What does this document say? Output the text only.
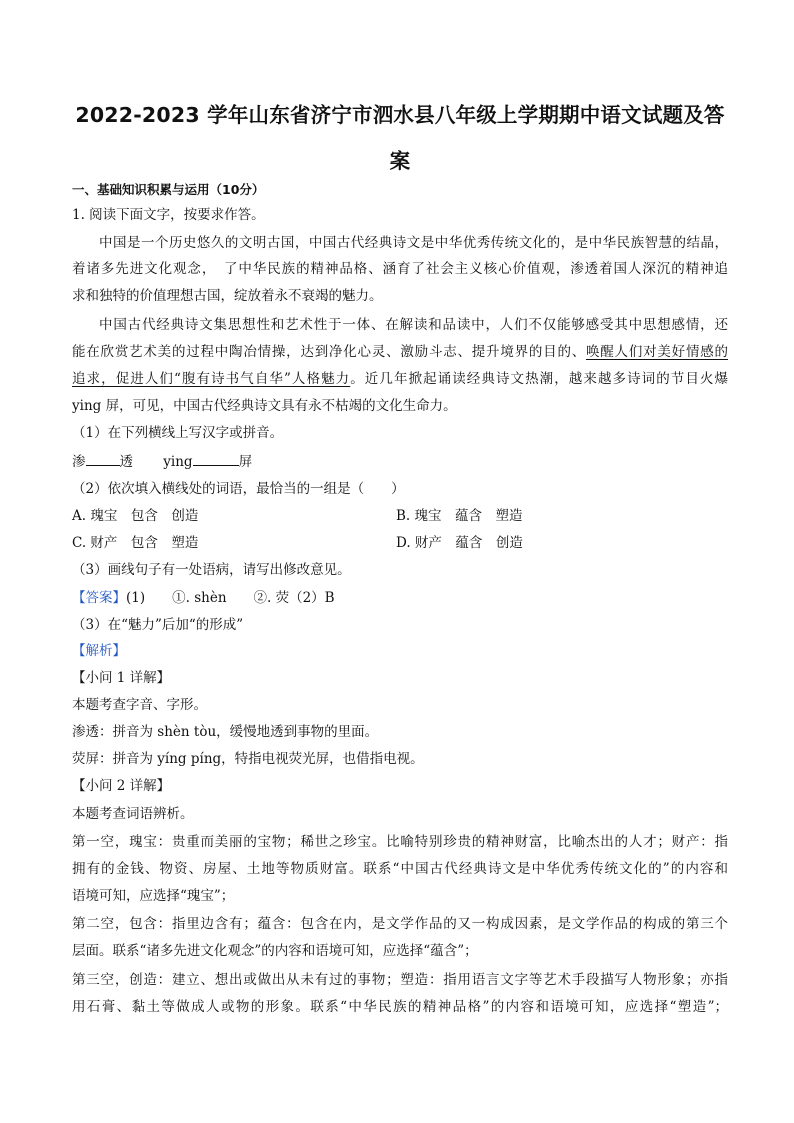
2022-2023 学年山东省济宁市泗水县八年级上学期期中语文试题及答
案
一、基础知识积累与运用（10分）
1. 阅读下面文字，按要求作答。
中国是一个历史悠久的文明古国，中国古代经典诗文是中华优秀传统文化的，是中华民族智慧的结晶，
着诸多先进文化观念，　了中华民族的精神品格、涵育了社会主义核心价值观，渗透着国人深沉的精神追
求和独特的价值理想古国，绽放着永不衰竭的魅力。
中国古代经典诗文集思想性和艺术性于一体、在解读和品读中，人们不仅能够感受其中思想感情，还
能在欣赏艺术美的过程中陶冶情操，达到净化心灵、激励斗志、提升境界的目的、唤醒人们对美好情感的
追求，促进人们“腹有诗书气自华”人格魅力。近几年掀起诵读经典诗文热潮，越来越多诗词的节目火爆
ying 屏，可见，中国古代经典诗文具有永不枯竭的文化生命力。
（1）在下列横线上写汉字或拼音。
渗	透 ying	屏
（2）依次填入横线处的词语，最恰当的一组是（　　）
A. 瑰宝　包含　创造	B. 瑰宝　蕴含　塑造
C. 财产　包含　塑造	D. 财产　蕴含　创造
（3）画线句子有一处语病，请写出修改意见。
【答案】(1)　　①. shèn　　②. 荧（2）B
（3）在“魅力”后加“的形成”
【解析】
【小问 1 详解】
本题考查字音、字形。
渗透：拼音为 shèn tòu，缓慢地透到事物的里面。
荧屏：拼音为 yíng píng，特指电视荧光屏，也借指电视。
【小问 2 详解】
本题考查词语辨析。
第一空，瑰宝：贵重而美丽的宝物；稀世之珍宝。比喻特别珍贵的精神财富，比喻杰出的人才；财产：指
拥有的金钱、物资、房屋、土地等物质财富。联系“中国古代经典诗文是中华优秀传统文化的”的内容和
语境可知，应选择“瑰宝”；
第二空，包含：指里边含有；蕴含：包含在内，是文学作品的又一构成因素，是文学作品的构成的第三个
层面。联系“诸多先进文化观念”的内容和语境可知，应选择“蕴含”；
第三空，创造：建立、想出或做出从未有过的事物；塑造：指用语言文字等艺术手段描写人物形象；亦指
用石膏、黏土等做成人或物的形象。联系“中华民族的精神品格”的内容和语境可知，应选择“塑造”；
